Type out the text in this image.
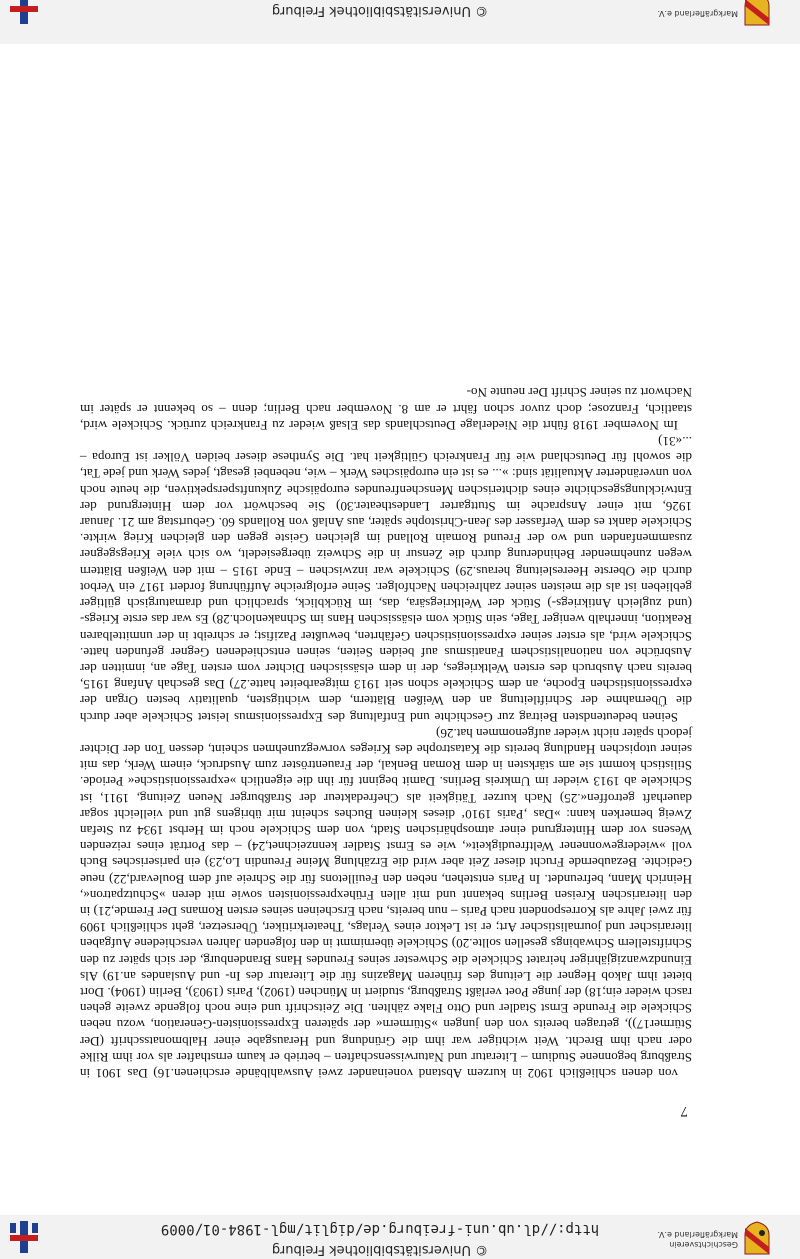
Geschichtsverein Markgräflerland e.V.
© Universitätsbibliothek Freiburg
http://dl.ub.uni-freiburg.de/diglit/mgl-1984-01/0009
7

von denen schließlich 1902 in kurzem Abstand voneinander zwei Auswahlbände erschienen.16) Das 1901 in Straßburg begonnene Studium – Literatur und Naturwissenschaften – betrieb er kaum ernsthafter als vor ihm Rilke oder nach ihm Brecht. Weit wichtiger war ihm die Gründung und Herausgabe einer Halbmonatsschrift (Der Stürmer17)), getragen bereits von den jungen »Stürmern« der späteren Expressionisten-Generation, wozu neben Schickele die Freunde Ernst Stadler und Otto Flake zählten. Die Zeitschrift und eine noch folgende zweite gehen rasch wieder ein;18) der junge Poet verläßt Straßburg, studiert in München (1902), Paris (1903), Berlin (1904). Dort bietet ihm Jakob Hegner die Leitung des früheren Magazins für die Literatur des In- und Auslandes an.19) Als Einundzwanzigjähriger heiratet Schickele die Schwester seines Freundes Hans Brandenburg, der sich später zu den Schriftstellern Schwabings gesellen sollte.20) Schickele übernimmt in den folgenden Jahren verschiedene Aufgaben literarischer und journalistischer Art; er ist Lektor eines Verlags, Theaterkritiker, Übersetzer, geht schließlich 1909 für zwei Jahre als Korrespondent nach Paris – nun bereits, nach Erscheinen seines ersten Romans Der Fremde,21) in den literarischen Kreisen Berlins bekannt und mit allen Frühexpressionisten sowie mit deren »Schutzpatron«, Heinrich Mann, befreundet. In Paris entstehen, neben den Feuilletons für die Schreie auf dem Boulevard,22) neue Gedichte. Bezaubernde Frucht dieser Zeit aber wird die Erzählung Meine Freundin Lo,23) ein pariserisches Buch voll »wiedergewonnener Weltfreudigkeit«, wie es Ernst Stadler kennzeichnet,24) – das Porträt eines reizenden Wesens vor dem Hintergrund einer atmosphärischen Stadt, von dem Schickele noch im Herbst 1934 zu Stefan Zweig bemerken kann: »Das ‚Paris 1910‘ dieses kleinen Buches scheint mir übrigens gut und vielleicht sogar dauerhaft getroffen«.25) Nach kurzer Tätigkeit als Chefredakteur der Straßburger Neuen Zeitung, 1911, ist Schickele ab 1913 wieder im Umkreis Berlins. Damit beginnt für ihn die eigentlich »expressionistische« Periode. Stilistisch kommt sie am stärksten in dem Roman Benkal, der Frauentröster zum Ausdruck, einem Werk, das mit seiner utopischen Handlung bereits die Katastrophe des Krieges vorwegzunehmen scheint, dessen Ton der Dichter jedoch später nicht wieder aufgenommen hat.26)

Seinen bedeutendsten Beitrag zur Geschichte und Entfaltung des Expressionismus leistet Schickele aber durch die Übernahme der Schriftleitung an den Weißen Blättern, dem wichtigsten, qualitativ besten Organ der expressionistischen Epoche, an dem Schickele schon seit 1913 mitgearbeitet hatte.27) Das geschah Anfang 1915, bereits nach Ausbruch des ersten Weltkrieges, der in dem elsässischen Dichter vom ersten Tage an, inmitten der Ausbrüche von nationalistischem Fanatismus auf beiden Seiten, seinen entschiedenen Gegner gefunden hatte. Schickele wird, als erster seiner expressionistischen Gefährten, bewußter Pazifist; er schreibt in der unmittelbaren Reaktion, innerhalb weniger Tage, sein Stück vom elsässischen Hans im Schnakenloch.28) Es war das erste Kriegs- (und zugleich Antikriegs-) Stück der Weltkriegsära, das, im Rückblick, sprachlich und dramaturgisch gültiger geblieben ist als die meisten seiner zahlreichen Nachfolger. Seine erfolgreiche Aufführung fordert 1917 ein Verbot durch die Oberste Heeresleitung heraus.29) Schickele war inzwischen – Ende 1915 – mit den Weißen Blättern wegen zunehmender Behinderung durch die Zensur in die Schweiz übergesiedelt, wo sich viele Kriegsgegner zusammenfanden und wo der Freund Romain Rolland im gleichen Geiste gegen den gleichen Krieg wirkte. Schickele dankt es dem Verfasser des Jean-Christophe später, aus Anlaß von Rollands 60. Geburtstag am 21. Januar 1926, mit einer Ansprache im Stuttgarter Landestheater.30) Sie beschwört vor dem Hintergrund der Entwicklungsgeschichte eines dichterischen Menschenfreundes europäische Zukunftsperspektiven, die heute noch von unveränderter Aktualität sind: »... es ist ein europäisches Werk – wie, nebenbei gesagt, jedes Werk und jede Tat, die sowohl für Deutschland wie für Frankreich Gültigkeit hat. Die Synthese dieser beiden Völker ist Europa – ...«31)

Im November 1918 führt die Niederlage Deutschlands das Elsaß wieder zu Frankreich zurück. Schickele wird, staatlich, Franzose; doch zuvor schon fährt er am 8. November nach Berlin; denn – so bekennt er später im Nachwort zu seiner Schrift Der neunte No-

Markgräflerland e.V.
© Universitätsbibliothek Freiburg
